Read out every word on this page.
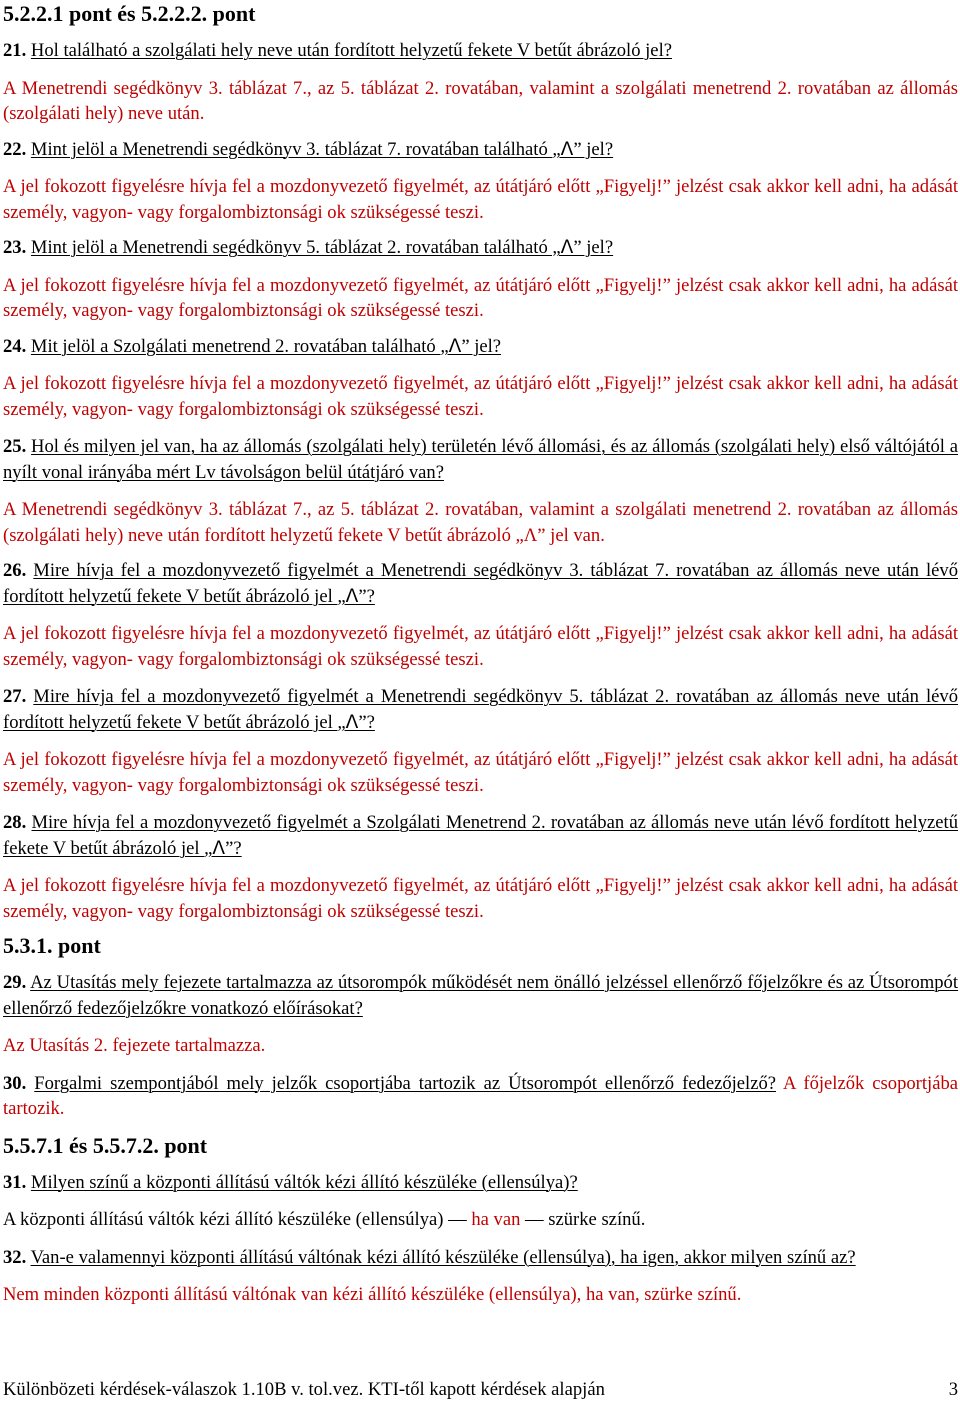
5.2.2.1 pont és 5.2.2.2. pont

21. Hol található a szolgálati hely neve után fordított helyzetű fekete V betűt ábrázoló jel?

A Menetrendi segédkönyv 3. táblázat 7., az 5. táblázat 2. rovatában, valamint a szolgálati menetrend 2. rovatában az állomás (szolgálati hely) neve után.

22. Mint jelöl a Menetrendi segédkönyv 3. táblázat 7. rovatában található „ᐱ” jel?

A jel fokozott figyelésre hívja fel a mozdonyvezető figyelmét, az útátjáró előtt „Figyelj!” jelzést csak akkor kell adni, ha adását személy, vagyon- vagy forgalombiztonsági ok szükségessé teszi.

23. Mint jelöl a Menetrendi segédkönyv 5. táblázat 2. rovatában található „ᐱ” jel?

A jel fokozott figyelésre hívja fel a mozdonyvezető figyelmét, az útátjáró előtt „Figyelj!” jelzést csak akkor kell adni, ha adását személy, vagyon- vagy forgalombiztonsági ok szükségessé teszi.

24. Mit jelöl a Szolgálati menetrend 2. rovatában található „ᐱ” jel?

A jel fokozott figyelésre hívja fel a mozdonyvezető figyelmét, az útátjáró előtt „Figyelj!” jelzést csak akkor kell adni, ha adását személy, vagyon- vagy forgalombiztonsági ok szükségessé teszi.

25. Hol és milyen jel van, ha az állomás (szolgálati hely) területén lévő állomási, és az állomás (szolgálati hely) első váltójától a nyílt vonal irányába mért Lv távolságon belül útátjáró van?

A Menetrendi segédkönyv 3. táblázat 7., az 5. táblázat 2. rovatában, valamint a szolgálati menetrend 2. rovatában az állomás (szolgálati hely) neve után fordított helyzetű fekete V betűt ábrázoló „Λ” jel van.

26. Mire hívja fel a mozdonyvezető figyelmét a Menetrendi segédkönyv 3. táblázat 7. rovatában az állomás neve után lévő fordított helyzetű fekete V betűt ábrázoló jel „ᐱ”?

A jel fokozott figyelésre hívja fel a mozdonyvezető figyelmét, az útátjáró előtt „Figyelj!” jelzést csak akkor kell adni, ha adását személy, vagyon- vagy forgalombiztonsági ok szükségessé teszi.

27. Mire hívja fel a mozdonyvezető figyelmét a Menetrendi segédkönyv 5. táblázat 2. rovatában az állomás neve után lévő fordított helyzetű fekete V betűt ábrázoló jel „ᐱ”?

A jel fokozott figyelésre hívja fel a mozdonyvezető figyelmét, az útátjáró előtt „Figyelj!” jelzést csak akkor kell adni, ha adását személy, vagyon- vagy forgalombiztonsági ok szükségessé teszi.

28. Mire hívja fel a mozdonyvezető figyelmét a Szolgálati Menetrend 2. rovatában az állomás neve után lévő fordított helyzetű fekete V betűt ábrázoló jel „ᐱ”?

A jel fokozott figyelésre hívja fel a mozdonyvezető figyelmét, az útátjáró előtt „Figyelj!” jelzést csak akkor kell adni, ha adását személy, vagyon- vagy forgalombiztonsági ok szükségessé teszi.

5.3.1. pont

29. Az Utasítás mely fejezete tartalmazza az útsorompók működését nem önálló jelzéssel ellenőrző főjelzőkre és az Útsorompót ellenőrző fedezőjelzőkre vonatkozó előírásokat?

Az Utasítás 2. fejezete tartalmazza.

30. Forgalmi szempontjából mely jelzők csoportjába tartozik az Útsorompót ellenőrző fedezőjelző? A főjelzők csoportjába tartozik.

5.5.7.1 és 5.5.7.2. pont

31. Milyen színű a központi állítású váltók kézi állító készüléke (ellensúlya)?

A központi állítású váltók kézi állító készüléke (ellensúlya) — ha van — szürke színű.

32. Van-e valamennyi központi állítású váltónak kézi állító készüléke (ellensúlya), ha igen, akkor milyen színű az?

Nem minden központi állítású váltónak van kézi állító készüléke (ellensúlya), ha van, szürke színű.

Különbözeti kérdések-válaszok 1.10B v. tol.vez. KTI-től kapott kérdések alapján	3
